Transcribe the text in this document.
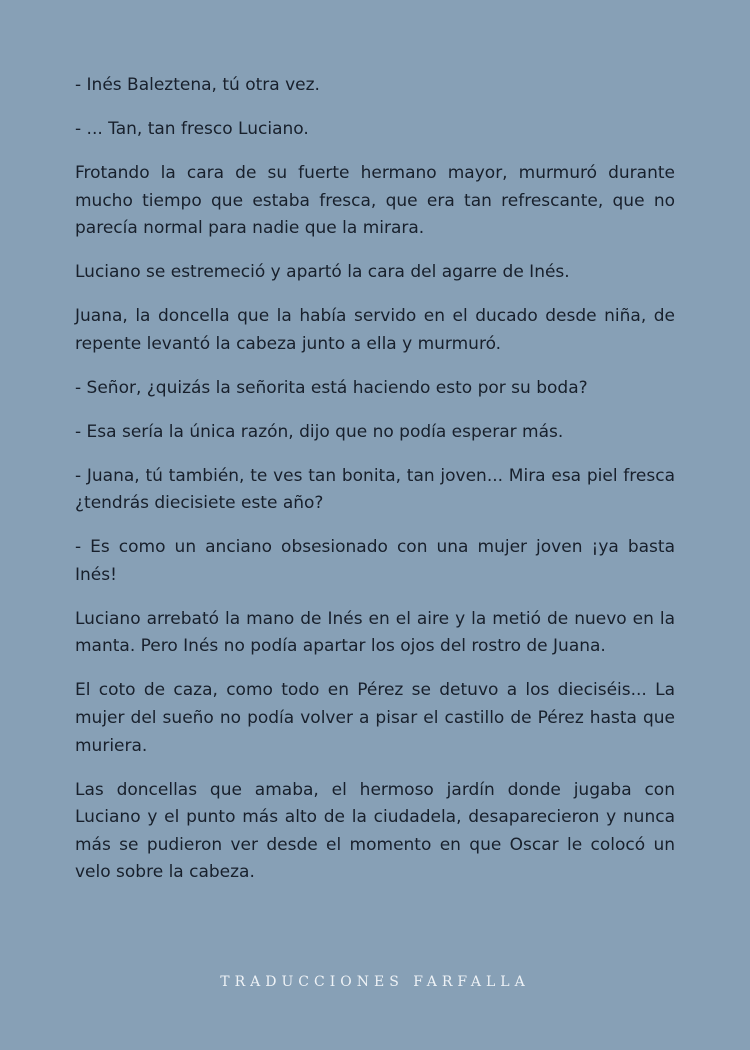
- Inés Baleztena, tú otra vez.

- ... Tan, tan fresco Luciano.

Frotando la cara de su fuerte hermano mayor, murmuró durante mucho tiempo que estaba fresca, que era tan refrescante, que no parecía normal para nadie que la mirara.

Luciano se estremeció y apartó la cara del agarre de Inés.

Juana, la doncella que la había servido en el ducado desde niña, de repente levantó la cabeza junto a ella y murmuró.

- Señor, ¿quizás la señorita está haciendo esto por su boda?

- Esa sería la única razón, dijo que no podía esperar más.

- Juana, tú también, te ves tan bonita, tan joven... Mira esa piel fresca ¿tendrás diecisiete este año?

- Es como un anciano obsesionado con una mujer joven ¡ya basta Inés!

Luciano arrebató la mano de Inés en el aire y la metió de nuevo en la manta. Pero Inés no podía apartar los ojos del rostro de Juana.

El coto de caza, como todo en Pérez se detuvo a los dieciséis... La mujer del sueño no podía volver a pisar el castillo de Pérez hasta que muriera.

Las doncellas que amaba, el hermoso jardín donde jugaba con Luciano y el punto más alto de la ciudadela, desaparecieron y nunca más se pudieron ver desde el momento en que Oscar le colocó un velo sobre la cabeza.

TRADUCCIONES FARFALLA
